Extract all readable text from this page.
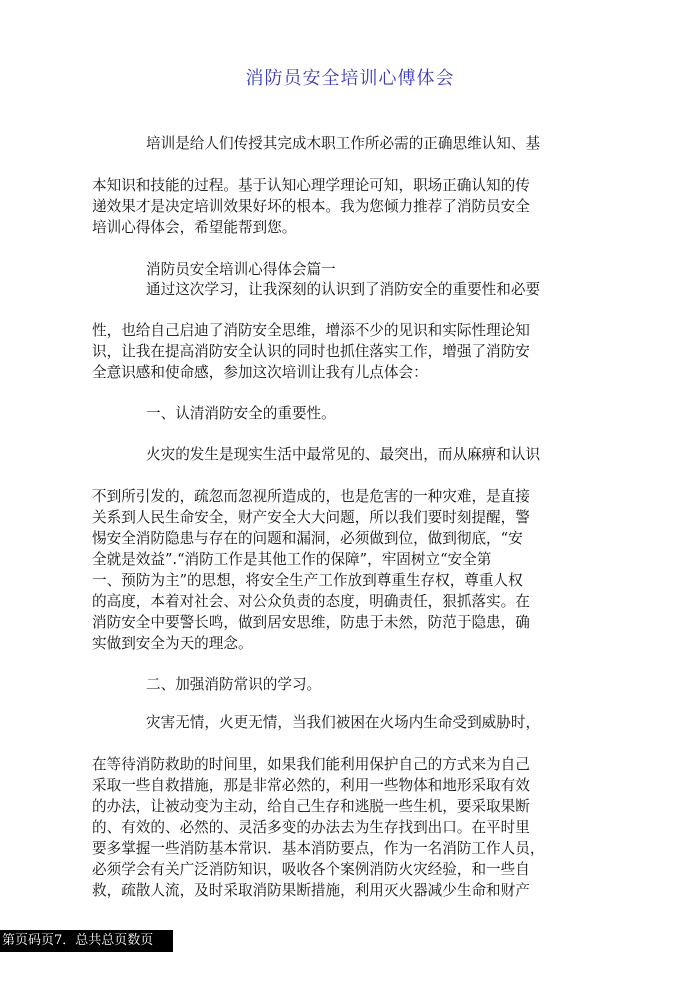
消防员安全培训心傅体会
培训是给人们传授其完成木职工作所必需的正确思维认知、基
本知识和技能的过程。基于认知心理学理论可知，职场正确认知的传
递效果才是决定培训效果好坏的根本。我为您倾力推荐了消防员安全
培训心得体会，希望能帮到您。
消防员安全培训心得体会篇一
通过这次学习，让我深刻的认识到了消防安全的重要性和必要
性，也给自己启迪了消防安全思维，增添不少的见识和实际性理论知
识，让我在提高消防安全认识的同时也抓住落实工作，增强了消防安
全意识感和使命感，参加这次培训让我有儿点体会：
一、认清消防安全的重要性。
火灾的发生是现实生活中最常见的、最突出，而从麻痹和认识
不到所引发的，疏忽而忽视所造成的，也是危害的一种灾难，是直接
关系到人民生命安全，财产安全大大问题，所以我们要时刻提醒，警
惕安全消防隐患与存在的问题和漏洞，必须做到位，做到彻底，“安
全就是效益”.“消防工作是其他工作的保障”，牢固树立“安全第
一、预防为主”的思想，将安全生产工作放到尊重生存权，尊重人权
的高度，本着对社会、对公众负责的态度，明确责任，狠抓落实。在
消防安全中要警长鸣，做到居安思维，防患于未然，防范于隐患，确
实做到安全为天的理念。
二、加强消防常识的学习。
灾害无情，火更无情，当我们被困在火场内生命受到威胁时，
在等待消防救助的时间里，如果我们能利用保护自己的方式来为自己
采取一些自救措施，那是非常必然的，利用一些物体和地形采取有效
的办法，让被动变为主动，给自己生存和逃脱一些生机，要采取果断
的、有效的、必然的、灵活多变的办法去为生存找到出口。在平时里
要多掌握一些消防基本常识．基本消防要点，作为一名消防工作人员，
必须学会有关广泛消防知识，吸收各个案例消防火灾经验，和一些自
救，疏散人流，及时采取消防果断措施，利用灭火器减少生命和财产
第页码页7．总共总页数页
